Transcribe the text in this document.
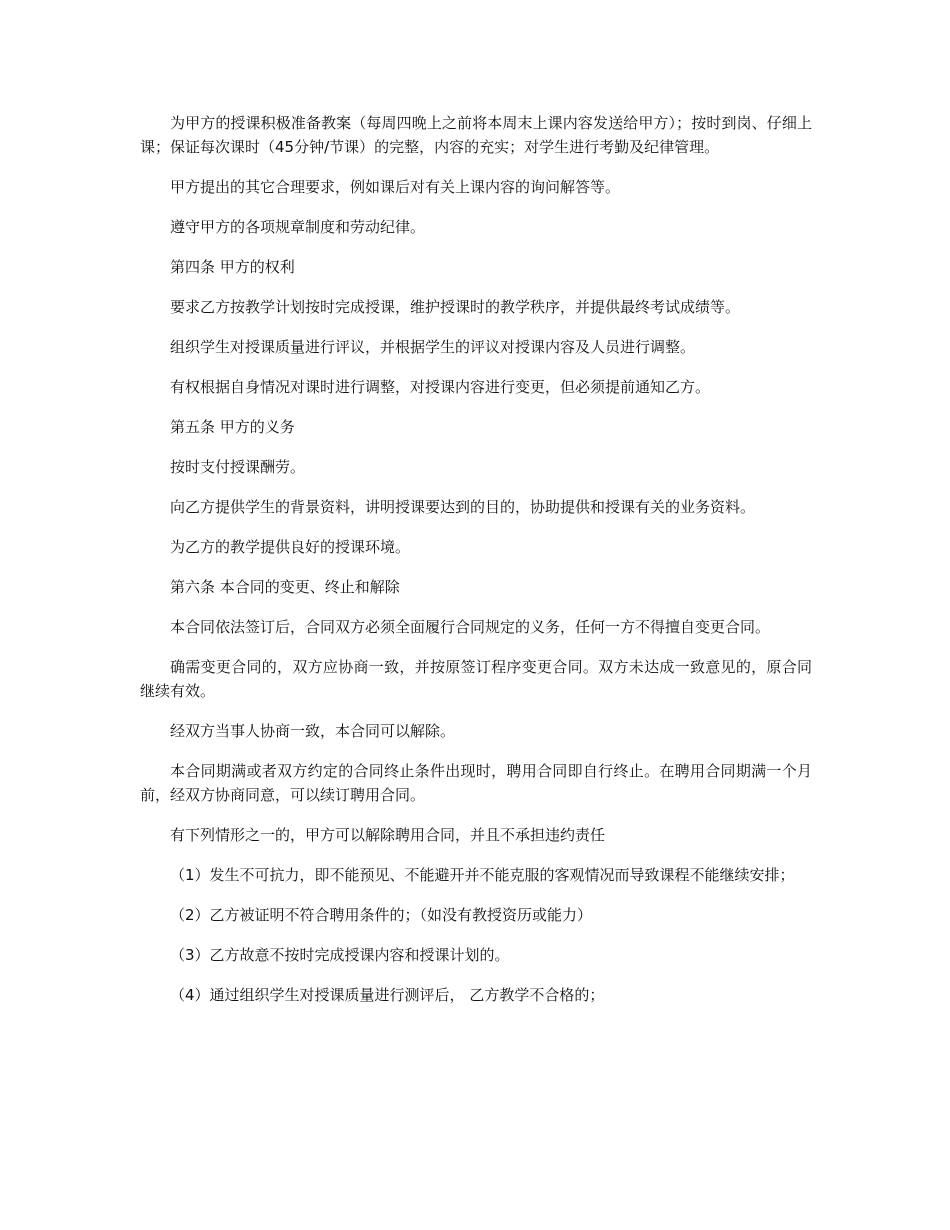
为甲方的授课积极准备教案（每周四晚上之前将本周末上课内容发送给甲方）；按时到岗、仔细上课；保证每次课时（45分钟/节课）的完整，内容的充实；对学生进行考勤及纪律管理。

甲方提出的其它合理要求，例如课后对有关上课内容的询问解答等。

遵守甲方的各项规章制度和劳动纪律。

第四条 甲方的权利

要求乙方按教学计划按时完成授课，维护授课时的教学秩序，并提供最终考试成绩等。

组织学生对授课质量进行评议，并根据学生的评议对授课内容及人员进行调整。

有权根据自身情况对课时进行调整，对授课内容进行变更，但必须提前通知乙方。

第五条 甲方的义务

按时支付授课酬劳。

向乙方提供学生的背景资料，讲明授课要达到的目的，协助提供和授课有关的业务资料。

为乙方的教学提供良好的授课环境。

第六条 本合同的变更、终止和解除

本合同依法签订后，合同双方必须全面履行合同规定的义务，任何一方不得擅自变更合同。

确需变更合同的，双方应协商一致，并按原签订程序变更合同。双方未达成一致意见的，原合同继续有效。

经双方当事人协商一致，本合同可以解除。

本合同期满或者双方约定的合同终止条件出现时，聘用合同即自行终止。在聘用合同期满一个月前，经双方协商同意，可以续订聘用合同。

有下列情形之一的，甲方可以解除聘用合同，并且不承担违约责任

（1）发生不可抗力，即不能预见、不能避开并不能克服的客观情况而导致课程不能继续安排；

（2）乙方被证明不符合聘用条件的；（如没有教授资历或能力）

（3）乙方故意不按时完成授课内容和授课计划的。

（4）通过组织学生对授课质量进行测评后， 乙方教学不合格的；
